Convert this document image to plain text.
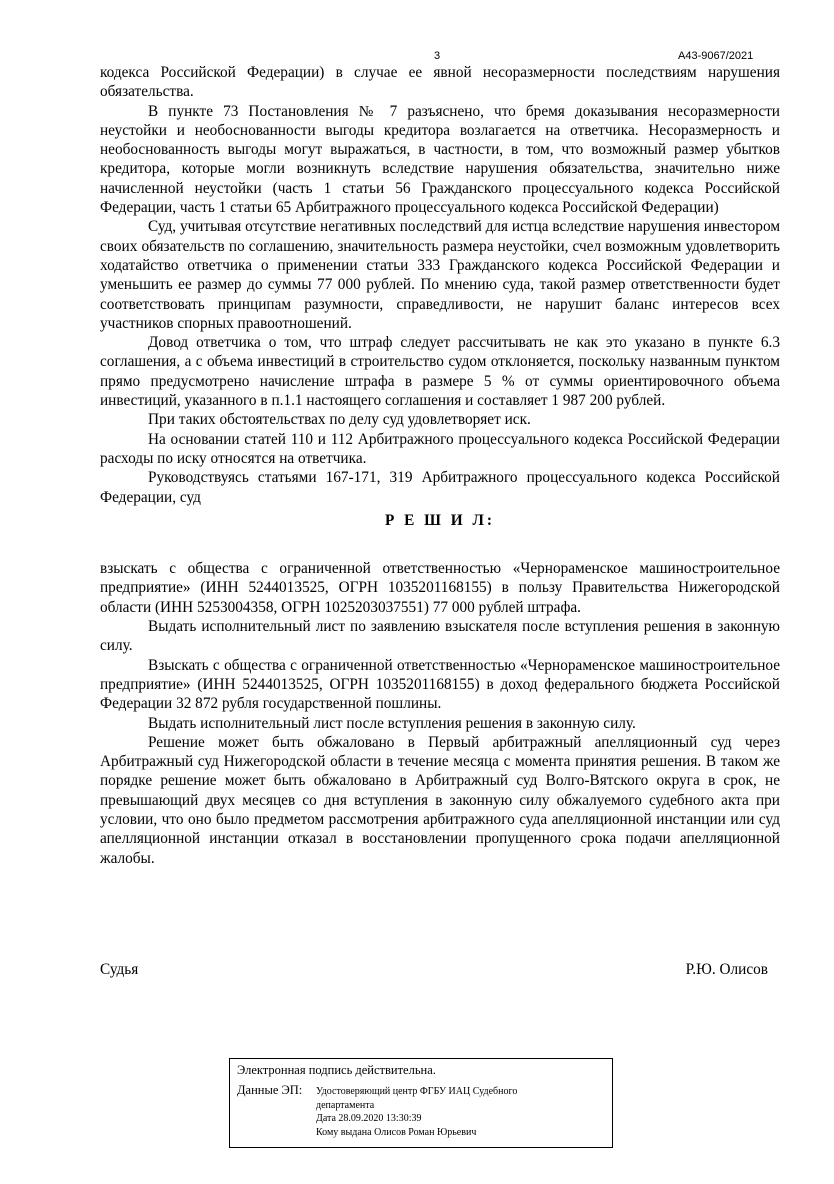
3	А43-9067/2021

кодекса Российской Федерации) в случае ее явной несоразмерности последствиям нарушения обязательства.

В пункте 73 Постановления № 7 разъяснено, что бремя доказывания несоразмерности неустойки и необоснованности выгоды кредитора возлагается на ответчика. Несоразмерность и необоснованность выгоды могут выражаться, в частности, в том, что возможный размер убытков кредитора, которые могли возникнуть вследствие нарушения обязательства, значительно ниже начисленной неустойки (часть 1 статьи 56 Гражданского процессуального кодекса Российской Федерации, часть 1 статьи 65 Арбитражного процессуального кодекса Российской Федерации)

Суд, учитывая отсутствие негативных последствий для истца вследствие нарушения инвестором своих обязательств по соглашению, значительность размера неустойки, счел возможным удовлетворить ходатайство ответчика о применении статьи 333 Гражданского кодекса Российской Федерации и уменьшить ее размер до суммы 77 000 рублей. По мнению суда, такой размер ответственности будет соответствовать принципам разумности, справедливости, не нарушит баланс интересов всех участников спорных правоотношений.

Довод ответчика о том, что штраф следует рассчитывать не как это указано в пункте 6.3 соглашения, а с объема инвестиций в строительство судом отклоняется, поскольку названным пунктом прямо предусмотрено начисление штрафа в размере 5 % от суммы ориентировочного объема инвестиций, указанного в п.1.1 настоящего соглашения и составляет 1 987 200 рублей.

При таких обстоятельствах по делу суд удовлетворяет иск.

На основании статей 110 и 112 Арбитражного процессуального кодекса Российской Федерации расходы по иску относятся на ответчика.

Руководствуясь статьями 167-171, 319 Арбитражного процессуального кодекса Российской Федерации, суд

Р Е Ш И Л:

взыскать с общества с ограниченной ответственностью «Чернораменское машиностроительное предприятие» (ИНН 5244013525, ОГРН 1035201168155) в пользу Правительства Нижегородской области (ИНН 5253004358, ОГРН 1025203037551) 77 000 рублей штрафа.

Выдать исполнительный лист по заявлению взыскателя после вступления решения в законную силу.

Взыскать с общества с ограниченной ответственностью «Чернораменское машиностроительное предприятие» (ИНН 5244013525, ОГРН 1035201168155) в доход федерального бюджета Российской Федерации 32 872 рубля государственной пошлины.

Выдать исполнительный лист после вступления решения в законную силу.

Решение может быть обжаловано в Первый арбитражный апелляционный суд через Арбитражный суд Нижегородской области в течение месяца с момента принятия решения. В таком же порядке решение может быть обжаловано в Арбитражный суд Волго-Вятского округа в срок, не превышающий двух месяцев со дня вступления в законную силу обжалуемого судебного акта при условии, что оно было предметом рассмотрения арбитражного суда апелляционной инстанции или суд апелляционной инстанции отказал в восстановлении пропущенного срока подачи апелляционной жалобы.

Судья	Р.Ю. Олисов
Электронная подпись действительна.
Данные ЭП: Удостоверяющий центр ФГБУ ИАЦ Судебного
департамента
Дата 28.09.2020 13:30:39
Кому выдана Олисов Роман Юрьевич
